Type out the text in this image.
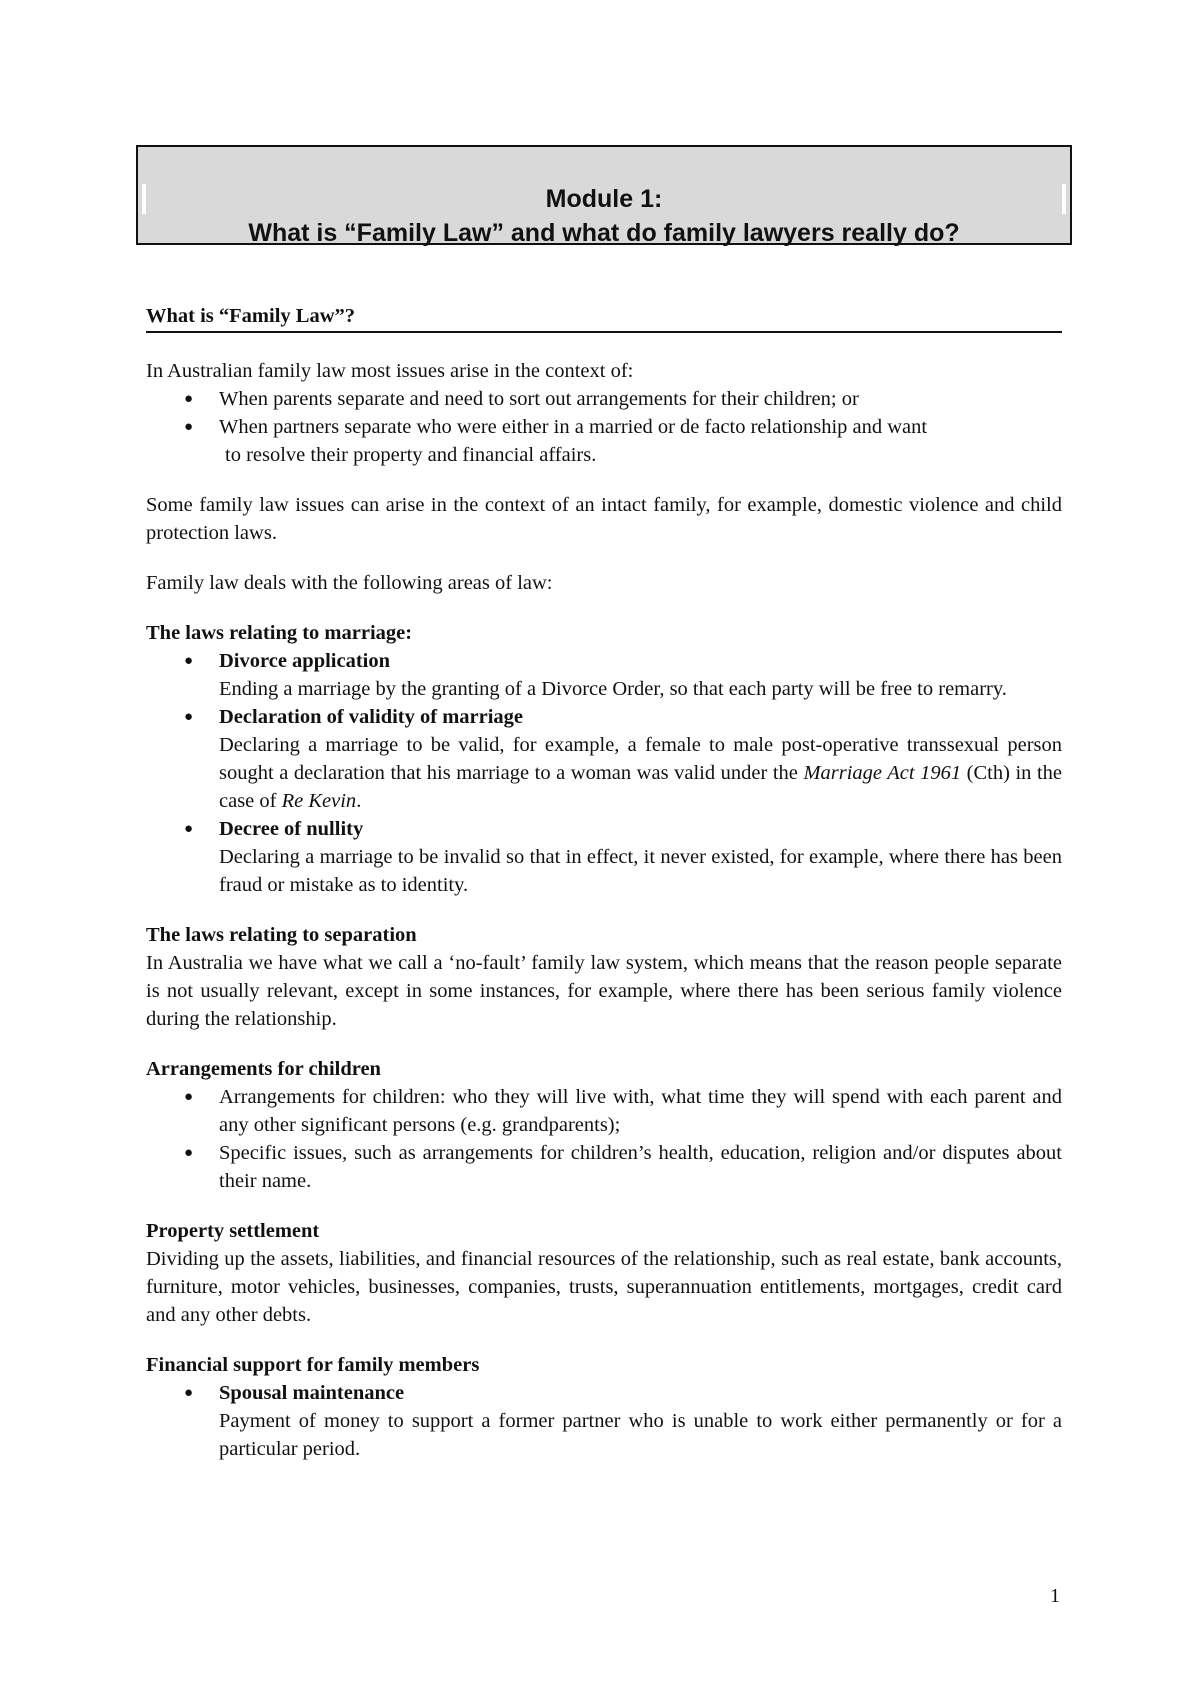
Module 1:
What is “Family Law” and what do family lawyers really do?
What is “Family Law”?

In Australian family law most issues arise in the context of:

● When parents separate and need to sort out arrangements for their children; or
● When partners separate who were either in a married or de facto relationship and want
to resolve their property and financial affairs.

Some family law issues can arise in the context of an intact family, for example, domestic violence and child protection laws.

Family law deals with the following areas of law:

The laws relating to marriage:

● Divorce application
Ending a marriage by the granting of a Divorce Order, so that each party will be free to remarry.
● Declaration of validity of marriage
Declaring a marriage to be valid, for example, a female to male post-operative transsexual person sought a declaration that his marriage to a woman was valid under the Marriage Act 1961 (Cth) in the case of Re Kevin.
● Decree of nullity
Declaring a marriage to be invalid so that in effect, it never existed, for example, where there has been fraud or mistake as to identity.

The laws relating to separation

In Australia we have what we call a ‘no-fault’ family law system, which means that the reason people separate is not usually relevant, except in some instances, for example, where there has been serious family violence during the relationship.

Arrangements for children

● Arrangements for children: who they will live with, what time they will spend with each parent and any other significant persons (e.g. grandparents);
● Specific issues, such as arrangements for children’s health, education, religion and/or disputes about their name.

Property settlement

Dividing up the assets, liabilities, and financial resources of the relationship, such as real estate, bank accounts, furniture, motor vehicles, businesses, companies, trusts, superannuation entitlements, mortgages, credit card and any other debts.

Financial support for family members

● Spousal maintenance
Payment of money to support a former partner who is unable to work either permanently or for a particular period.
1
